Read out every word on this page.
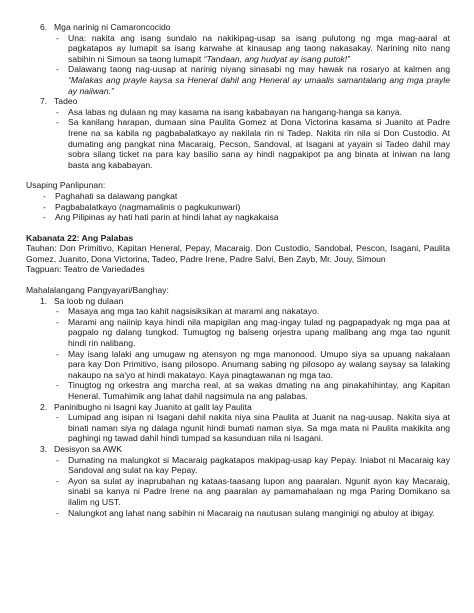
6. Mga narinig ni Camaroncocido
-	Una: nakita ang isang sundalo na nakikipag-usap sa isang pulutong ng mga mag-aaral at pagkatapos ay lumapit sa isang karwahe at kinausap ang taong nakasakay. Narining nito nang sabihin ni Simoun sa taong lumapit “Tandaan, ang hudyat ay isang putok!”
-	Dalawang taong nag-uusap at narinig niyang sinasabi ng may hawak na rosaryo at kalmen ang “Malakas ang prayle kaysa sa Heneral dahil ang Heneral ay umaalis samantalang ang mga prayle ay naiiwan.”
7. Tadeo
-	Asa labas ng dulaan ng may kasama na isang kababayan na hangang-hanga sa kanya.
-	Sa kanilang harapan, dumaan sina Paulita Gomez at Dona Victorina kasama si Juanito at Padre Irene na sa kabila ng pagbabalatkayo ay nakilala rin ni Tadep. Nakita rin nila si Don Custodio. At dumating ang pangkat nina Macaraig, Pecson, Sandoval, at Isagani at yayain si Tadeo dahil may sobra silang ticket na para kay basilio sana ay hindi nagpakipot pa ang binata at iniwan na lang basta ang kababayan.
Usaping Panlipunan:
-	Paghahati sa dalawang pangkat
-	Pagbabalatkayo (nagmamalinis o pagkukunwari)
-	Ang Pilipinas ay hati hati parin at hindi lahat ay nagkakaisa
Kabanata 22: Ang Palabas
Tauhan: Don Primitivo, Kapitan Heneral, Pepay, Macaraig. Don Custodio, Sandobal, Pescon, Isagani, Paulita Gomez, Juanito, Dona Victorina, Tadeo, Padre Irene, Padre Salvi, Ben Zayb, Mr. Jouy, Simoun
Tagpuan: Teatro de Variedades
Mahalalangang Pangyayari/Banghay:
1. Sa loob ng dulaan
-	Masaya ang mga tao kahit nagsisiksikan at marami ang nakatayo.
-	Marami ang naiinip kaya hindi nila mapigilan ang mag-ingay tulad ng pagpapadyak ng mga paa at pagpalo ng dalang tungkod. Tumugtog ng balseng orjestra upang malibang ang mga tao ngunit hindi rin nalibang.
-	May isang lalaki ang umugaw ng atensyon ng mga manonood. Umupo siya sa upuang nakalaan para kay Don Primitivo, isang pilosopo. Anumang sabing ng pilosopo ay walang saysay sa lalaking nakaupo na sa'yo at hindi makatayo. Kaya pinagtawanan ng mga tao.
-	Tinugtog ng orkestra ang marcha real, at sa wakas dmating na ang pinakahihintay, ang Kapitan Heneral. Tumahimik ang lahat dahil nagsimula na ang palabas.
2. Paninibugho ni Isagni kay Juanito at galit lay Paulita
-	Lumipad ang isipan ni Isagani dahil nakita niya sina Paulita at Juanit na nag-uusap. Nakita siya at binati naman siya ng dalaga ngunit hindi bumati naman siya. Sa mga mata ni Paulita makikita ang paghingi ng tawad dahil hindi tumpad sa kasunduan nila ni Isagani.
3. Desisyon sa AWK
-	Dumating na malungkot si Macaraig pagkatapos makipag-usap kay Pepay. Iniabot ni Macaraig kay Sandoval ang sulat na kay Pepay.
-	Ayon sa sulat ay inaprubahan ng kataas-taasang lupon ang paaralan. Ngunit ayon kay Macaraig, sinabi sa kanya ni Padre Irene na ang paaralan ay pamamahalaan ng mga Paring Domikano sa ilalim ng UST.
-	Nalungkot ang lahat nang sabihin ni Macaraig na nautusan sulang manginigi ng abuloy at ibigay.
